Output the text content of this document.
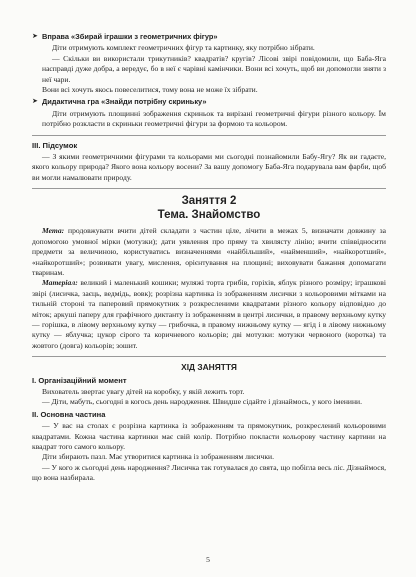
➤ Вправа «Збирай іграшки з геометричних фігур»

Діти отримують комплект геометричних фігур та картинку, яку потрібно зібрати.

— Скільки ви використали трикутників? квадратів? кругів? Лісові звірі повідомили, що Баба-Яга насправді дуже добра, а вередує, бо в неї є чарівні камінчики. Вони всі хочуть, щоб ви допомогли зняти з неї чари.

Вони всі хочуть якось повеселитися, тому вона не може їх зібрати.

➤ Дидактична гра «Знайди потрібну скриньку»

Діти отримують площинні зображення скриньок та вирізані геометричні фігури різного кольору. Їм потрібно розкласти в скриньки геометричні фігури за формою та кольором.

III. Підсумок

— З якими геометричними фігурами та кольорами ми сьогодні познайомили Бабу-Ягу? Як ви гадаєте, якого кольору природа? Якого вона кольору восени? За вашу допомогу Баба-Яга подарувала вам фарби, щоб ви могли намалювати природу.

Заняття 2
Тема. Знайомство

Мета: продовжувати вчити дітей складати з частин ціле, лічити в межах 5, визначати довжину за допомогою умовної мірки (мотузки); дати уявлення про пряму та хвилясту лінію; вчити співвідносити предмети за величиною, користуватись визначеннями «найбільший», «найменший», «найкоротший», «найкоротший»; розвивати увагу, мислення, орієнтування на площині; виховувати бажання допомагати тваринам.

Матеріал: великий і маленький кошики; муляжі торта грибів, горіхів, яблук різного розміру; іграшкові звірі (лисичка, заєць, ведмідь, вовк); розрізна картинка із зображенням лисички з кольоровими мітками на тильній стороні та паперовий прямокутник з розкресленими квадратами різного кольору відповідно до міток; аркуші паперу для графічного диктанту із зображенням в центрі лисички, в правому верхньому кутку — горішка, в лівому верхньому кутку — грибочка, в правому нижньому кутку — ягід і в лівому нижньому кутку — яблучка; цукор сірого та коричневого кольорів; дві мотузки: мотузки червоного (коротка) та жовтого (довга) кольорів; зошит.

ХІД ЗАНЯТТЯ
І. Організаційний момент

Вихователь звертає увагу дітей на коробку, у якій лежить торт.

— Діти, мабуть, сьогодні в когось день народження. Швидше сідайте і дізнаймось, у кого іменини.

ІІ. Основна частина

— У вас на столах є розрізна картинка із зображенням та прямокутник, розкреслений кольоровими квадратами. Кожна частина картинки має свій колір. Потрібно покласти кольорову частину картини на квадрат того самого кольору.

Діти збирають пазл. Має утворитися картинка із зображенням лисички.

— У кого ж сьогодні день народження? Лисичка так готувалася до свята, що побігла весь ліс. Дізнаймося, що вона назбирала.

5
